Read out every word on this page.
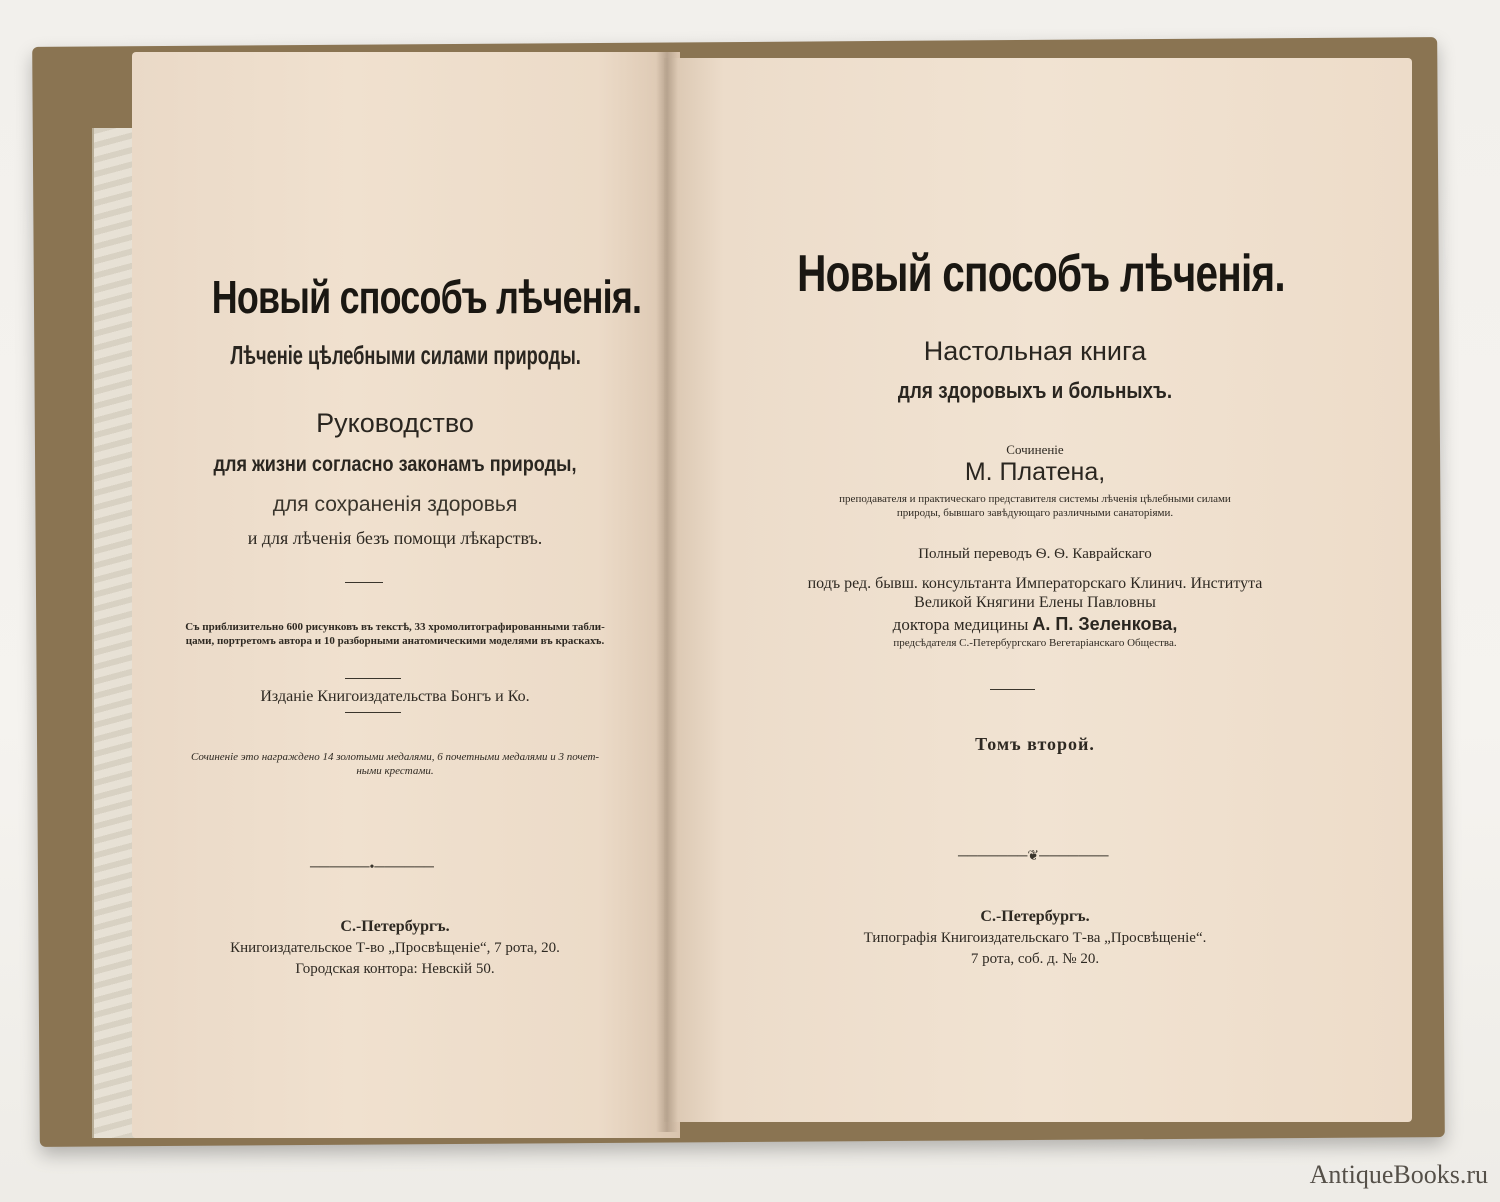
Новый способъ лѣченія.
Лѣченіе цѣлебными силами природы.
Руководство
для жизни согласно законамъ природы,
для сохраненія здоровья
и для лѣченія безъ помощи лѣкарствъ.
Съ приблизительно 600 рисунковъ въ текстѣ, 33 хромолитографированными табли-
цами, портретомъ автора и 10 разборными анатомическими моделями въ краскахъ.
Изданіе Книгоиздательства Бонгъ и Ко.
Сочиненіе это награждено 14 золотыми медалями, 6 почетными медалями и 3 почет-
ными крестами.
──────•──────
С.-Петербургъ.
Книгоиздательское Т-во „Просвѣщеніе“, 7 рота, 20.
Городская контора: Невскій 50.
Новый способъ лѣченія.
Настольная книга
для здоровыхъ и больныхъ.
Сочиненіе
М. Платена,
преподавателя и практическаго представителя системы лѣченія цѣлебными силами
природы, бывшаго завѣдующаго различными санаторіями.
Полный переводъ Ѳ. Ѳ. Каврайскаго
подъ ред. бывш. консультанта Императорскаго Клинич. Института
Великой Княгини Елены Павловны
доктора медицины А. П. Зеленкова,
предсѣдателя С.-Петербургскаго Вегетаріанскаго Общества.
Томъ второй.
───────❦───────
С.-Петербургъ.
Типографія Книгоиздательскаго Т-ва „Просвѣщеніе“.
7 рота, соб. д. № 20.
AntiqueBooks.ru
